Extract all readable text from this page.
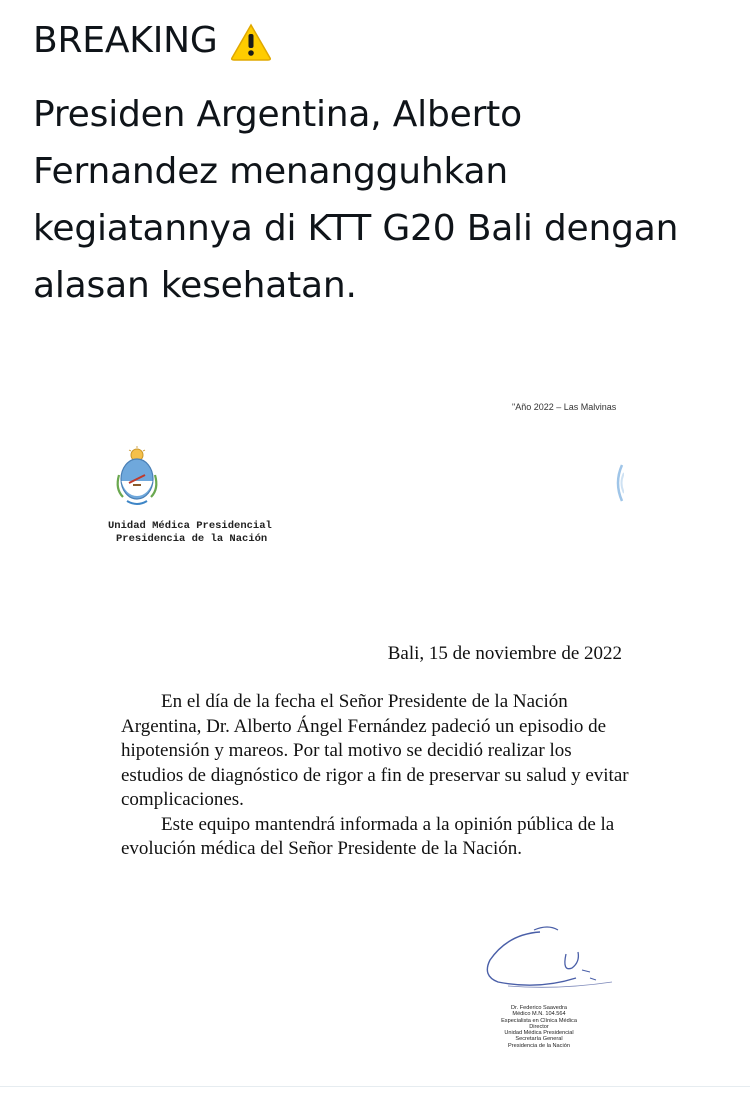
BREAKING
Presiden Argentina, Alberto
Fernandez menangguhkan
kegiatannya di KTT G20 Bali dengan
alasan kesehatan.
"Año 2022 – Las Malvinas
Unidad Médica Presidencial
Presidencia de la Nación
Bali, 15 de noviembre de 2022

En el día de la fecha el Señor Presidente de la Nación Argentina, Dr. Alberto Ángel Fernández padeció un episodio de hipotensión y mareos. Por tal motivo se decidió realizar los estudios de diagnóstico de rigor a fin de preservar su salud y evitar complicaciones.

Este equipo mantendrá informada a la opinión pública de la evolución médica del Señor Presidente de la Nación.

Dr. Federico Saavedra
Médico M.N. 104.564
Especialista en Clínica Médica
Director
Unidad Médica Presidencial
Secretaría General
Presidencia de la Nación
